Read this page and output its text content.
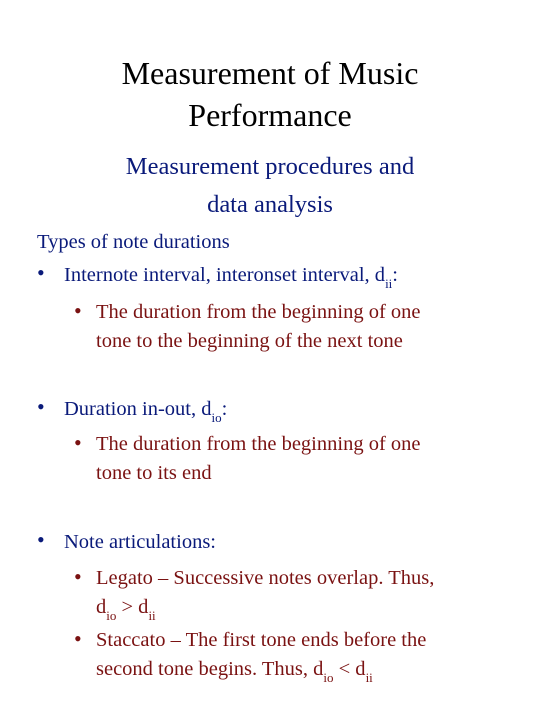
Measurement of Music
Performance
Measurement procedures and
data analysis
Types of note durations
• Internote interval, interonset interval, $d_{ii}$:
• The duration from the beginning of one
tone to the beginning of the next tone
• Duration in-out, $d_{io}$:
• The duration from the beginning of one
tone to its end
• Note articulations:
• Legato – Successive notes overlap. Thus,
$d_{io} > d_{ii}$
• Staccato – The first tone ends before the
second tone begins. Thus, $d_{io} < d_{ii}$
